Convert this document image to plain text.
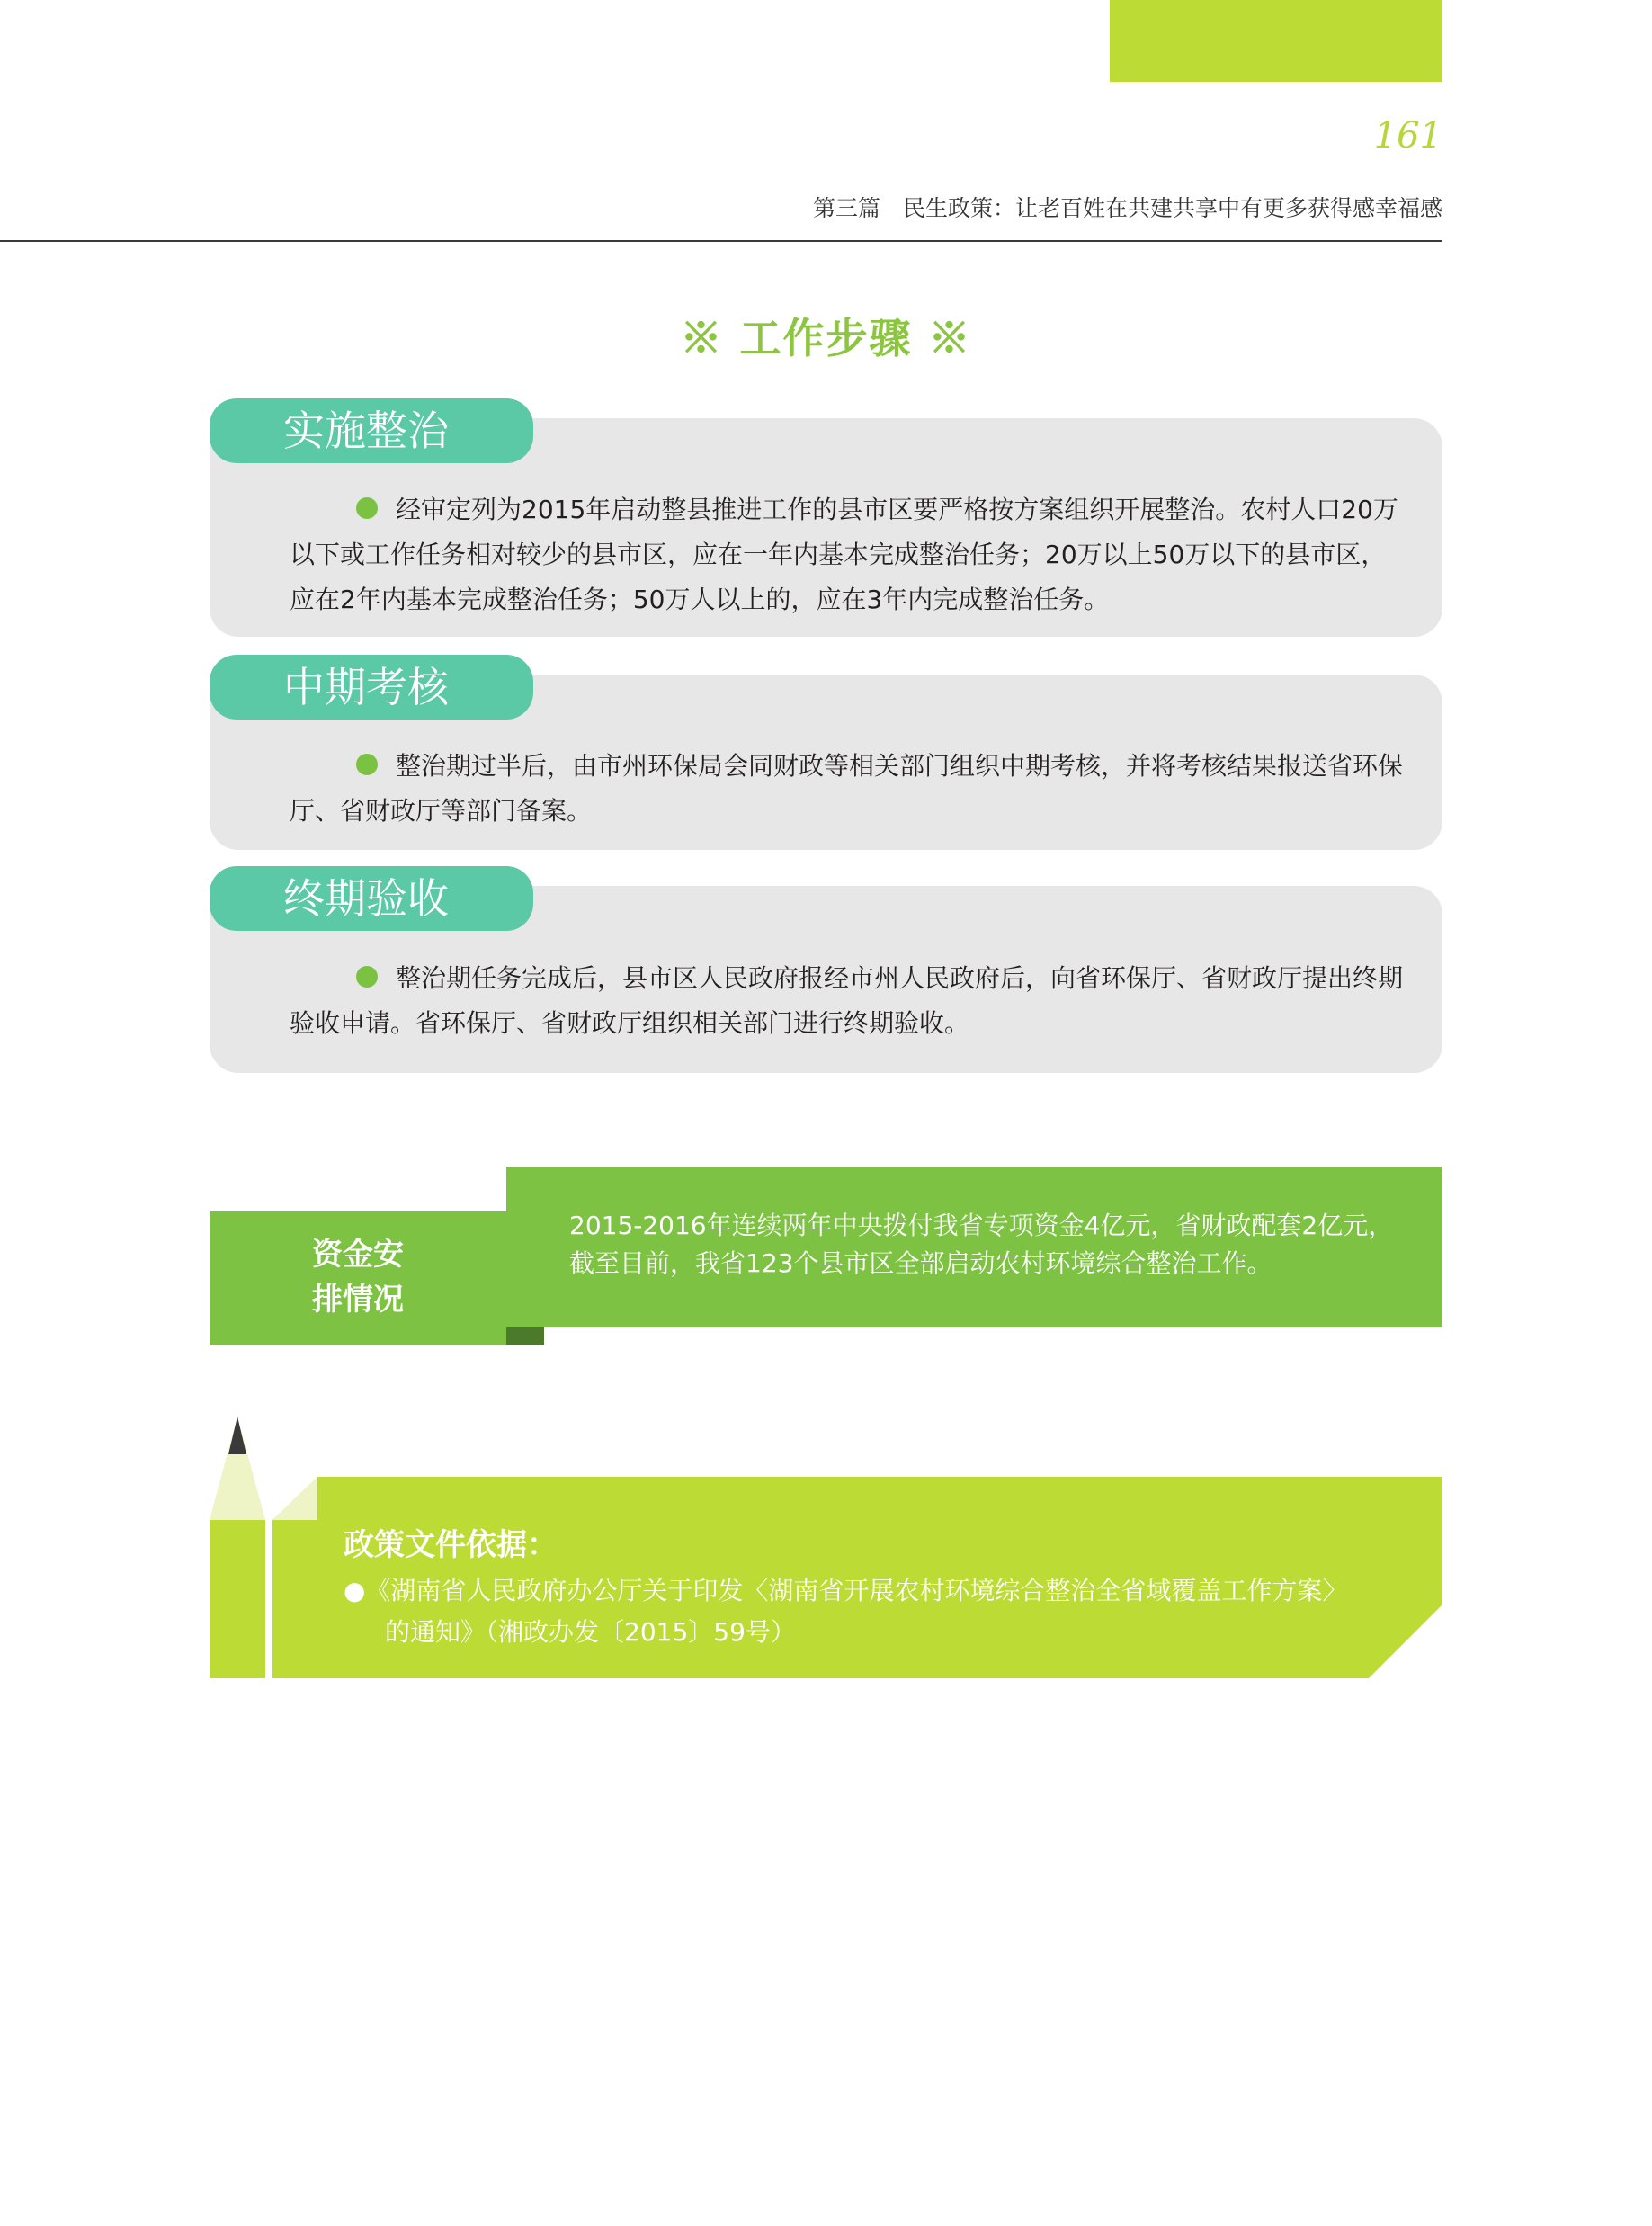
161
第三篇　民生政策：让老百姓在共建共享中有更多获得感幸福感
※ 工作步骤 ※
实施整治
经审定列为2015年启动整县推进工作的县市区要严格按方案组织开展整治。农村人口20万以下或工作任务相对较少的县市区，应在一年内基本完成整治任务；20万以上50万以下的县市区，应在2年内基本完成整治任务；50万人以上的，应在3年内完成整治任务。
中期考核
整治期过半后，由市州环保局会同财政等相关部门组织中期考核，并将考核结果报送省环保厅、省财政厅等部门备案。
终期验收
整治期任务完成后，县市区人民政府报经市州人民政府后，向省环保厅、省财政厅提出终期验收申请。省环保厅、省财政厅组织相关部门进行终期验收。
资金安
排情况
2015-2016年连续两年中央拨付我省专项资金4亿元，省财政配套2亿元，截至目前，我省123个县市区全部启动农村环境综合整治工作。
政策文件依据：
●《湖南省人民政府办公厅关于印发〈湖南省开展农村环境综合整治全省域覆盖工作方案〉
的通知》（湘政办发〔2015〕59号）
